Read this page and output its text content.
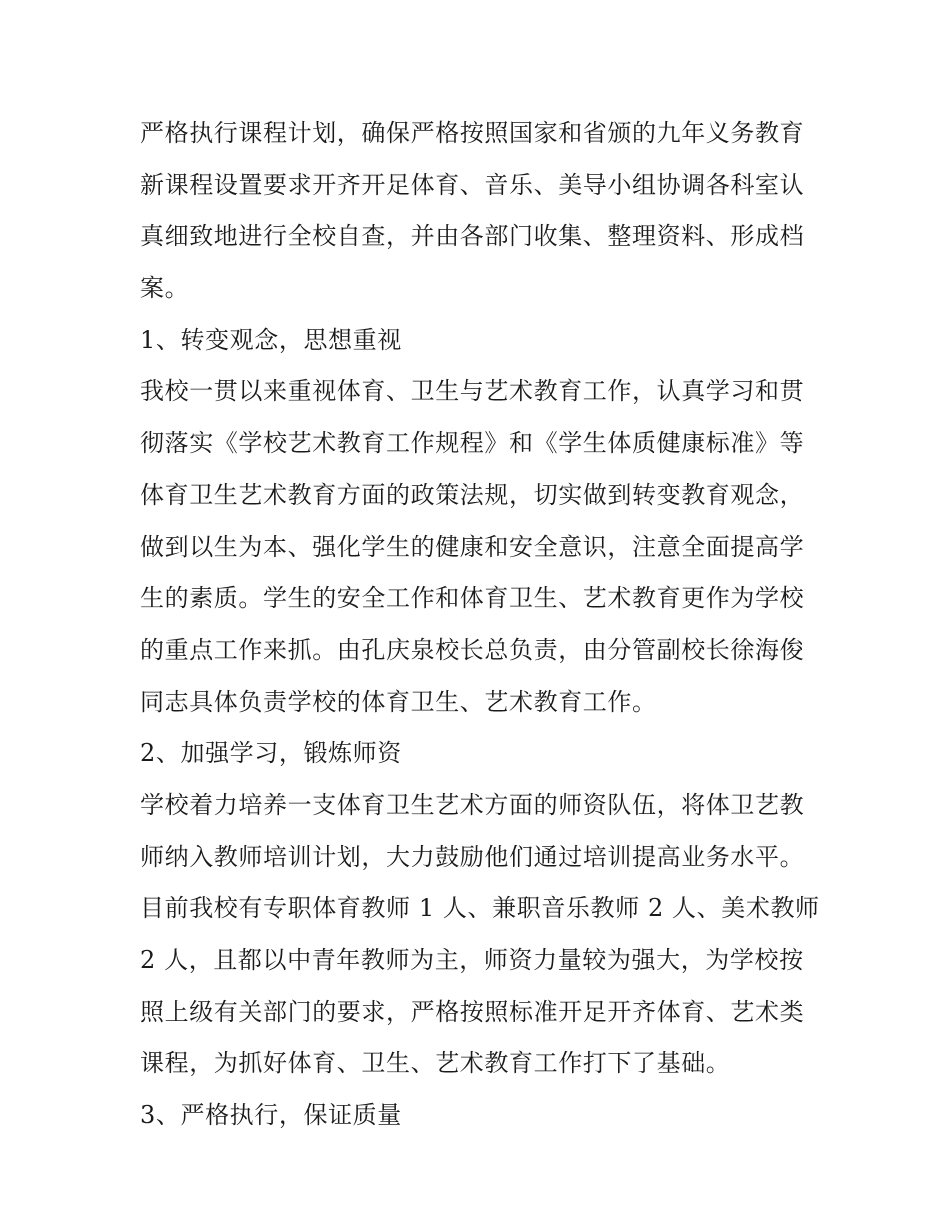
严格执行课程计划，确保严格按照国家和省颁的九年义务教育
新课程设置要求开齐开足体育、音乐、美导小组协调各科室认
真细致地进行全校自查，并由各部门收集、整理资料、形成档
案。
1、转变观念，思想重视
我校一贯以来重视体育、卫生与艺术教育工作，认真学习和贯
彻落实《学校艺术教育工作规程》和《学生体质健康标准》等
体育卫生艺术教育方面的政策法规，切实做到转变教育观念，
做到以生为本、强化学生的健康和安全意识，注意全面提高学
生的素质。学生的安全工作和体育卫生、艺术教育更作为学校
的重点工作来抓。由孔庆泉校长总负责，由分管副校长徐海俊
同志具体负责学校的体育卫生、艺术教育工作。
2、加强学习，锻炼师资
学校着力培养一支体育卫生艺术方面的师资队伍，将体卫艺教
师纳入教师培训计划，大力鼓励他们通过培训提高业务水平。
目前我校有专职体育教师 1 人、兼职音乐教师 2 人、美术教师
2 人，且都以中青年教师为主，师资力量较为强大，为学校按
照上级有关部门的要求，严格按照标准开足开齐体育、艺术类
课程，为抓好体育、卫生、艺术教育工作打下了基础。
3、严格执行，保证质量
